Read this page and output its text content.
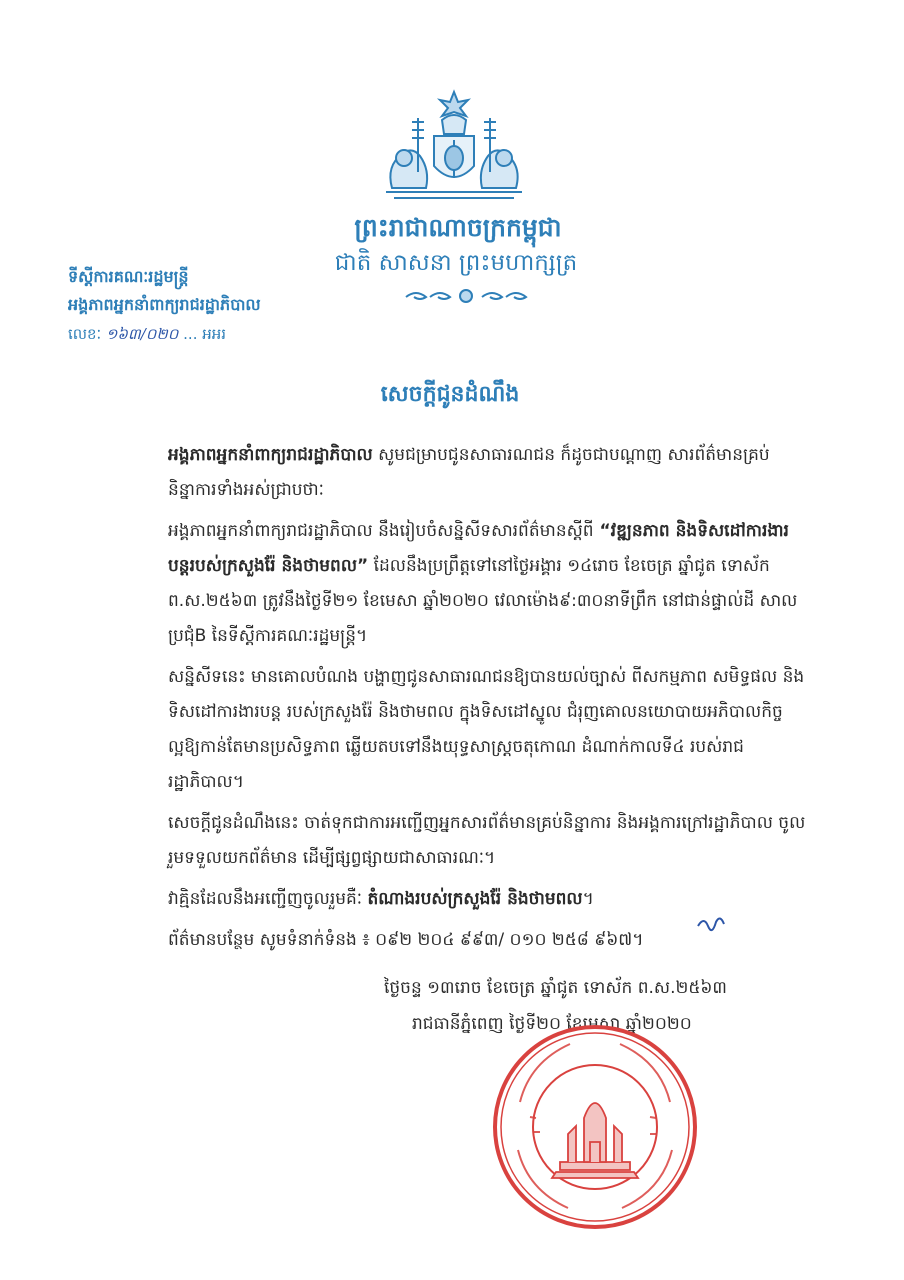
ព្រះរាជាណាចក្រកម្ពុជា
ជាតិ សាសនា ព្រះមហាក្សត្រ
ទីស្តីការគណៈរដ្ឋមន្ត្រី
អង្គភាពអ្នកនាំពាក្យរាជរដ្ឋាភិបាល
លេខៈ ១៦៣/០២០ ... អអរ
សេចក្តីជូនដំណឹង

អង្គភាពអ្នកនាំពាក្យរាជរដ្ឋាភិបាល សូមជម្រាបជូនសាធារណជន ក៏ដូចជាបណ្តាញ សារព័ត៌មានគ្រប់និន្នាការទាំងអស់ជ្រាបថាៈ

អង្គភាពអ្នកនាំពាក្យរាជរដ្ឋាភិបាល នឹងរៀបចំសន្និសីទសារព័ត៌មានស្តីពី “វឌ្ឍនភាព និងទិសដៅការងារបន្តរបស់ក្រសួងរ៉ែ និងថាមពល” ដែលនឹងប្រព្រឹត្តទៅនៅថ្ងៃអង្គារ ១៤រោច ខែចេត្រ ឆ្នាំជូត ទោស័ក ព.ស.២៥៦៣ ត្រូវនឹងថ្ងៃទី២១ ខែមេសា ឆ្នាំ២០២០ វេលាម៉ោង៩:៣០នាទីព្រឹក នៅជាន់ផ្ទាល់ដី សាលប្រជុំB នៃទីស្តីការគណៈរដ្ឋមន្ត្រី។

សន្និសីទនេះ មានគោលបំណង បង្ហាញជូនសាធារណជនឱ្យបានយល់ច្បាស់ ពីសកម្មភាព សមិទ្ធផល និងទិសដៅការងារបន្ត របស់ក្រសួងរ៉ែ និងថាមពល ក្នុងទិសដៅស្នូល ជំរុញគោលនយោបាយអភិបាលកិច្ចល្អឱ្យកាន់តែមានប្រសិទ្ធភាព ឆ្លើយតបទៅនឹងយុទ្ធសាស្ត្រចតុកោណ ដំណាក់កាលទី៤ របស់រាជរដ្ឋាភិបាល។

សេចក្តីជូនដំណឹងនេះ ចាត់ទុកជាការអញ្ជើញអ្នកសារព័ត៌មានគ្រប់និន្នាការ និងអង្គការក្រៅរដ្ឋាភិបាល ចូលរួមទទួលយកព័ត៌មាន ដើម្បីផ្សព្វផ្សាយជាសាធារណៈ។

វាគ្មិនដែលនឹងអញ្ជើញចូលរួមគឺៈ តំណាងរបស់ក្រសួងរ៉ែ និងថាមពល។

ព័ត៌មានបន្ថែម សូមទំនាក់ទំនង ៖ ០៩២ ២០៤ ៩៩៣/ ០១០ ២៥៨ ៩៦៧។

ថ្ងៃចន្ទ ១៣រោច ខែចេត្រ ឆ្នាំជូត ទោស័ក ព.ស.២៥៦៣
រាជធានីភ្នំពេញ ថ្ងៃទី២០ ខែមេសា ឆ្នាំ២០២០
